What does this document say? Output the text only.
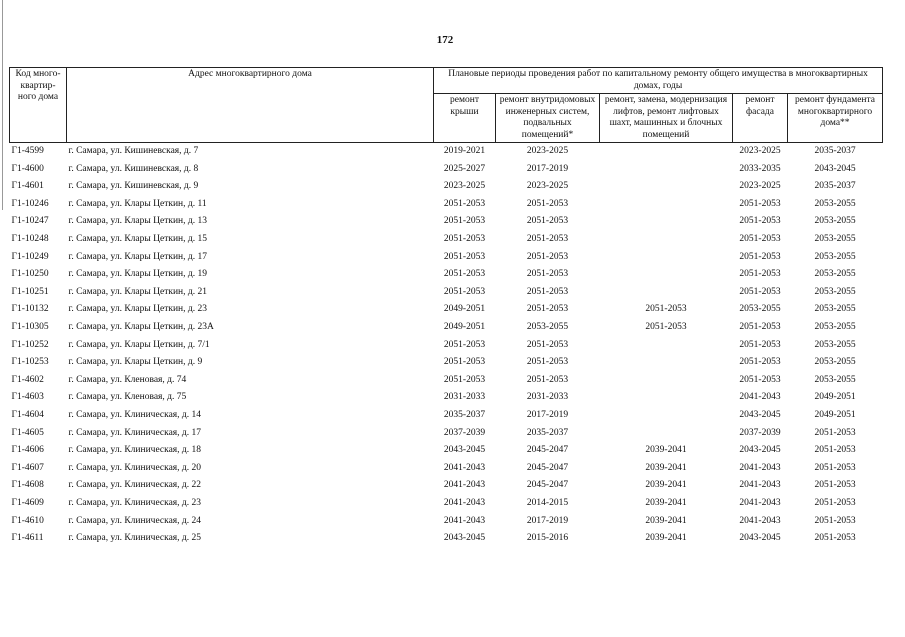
172
Код много-квартир-ного дома	Адрес многоквартирного дома	Плановые периоды проведения работ по капитальному ремонту общего имущества в многоквартирных домах, годы				
		ремонт крыши	ремонт внутридомовых инженерных систем, подвальных помещений*	ремонт, замена, модернизация лифтов, ремонт лифтовых шахт, машинных и блочных помещений	ремонт фасада	ремонт фундамента многоквартирного дома**
Г1-4599	г. Самара, ул. Кишиневская, д. 7	2019-2021	2023-2025		2023-2025	2035-2037
Г1-4600	г. Самара, ул. Кишиневская, д. 8	2025-2027	2017-2019		2033-2035	2043-2045
Г1-4601	г. Самара, ул. Кишиневская, д. 9	2023-2025	2023-2025		2023-2025	2035-2037
Г1-10246	г. Самара, ул. Клары Цеткин, д. 11	2051-2053	2051-2053		2051-2053	2053-2055
Г1-10247	г. Самара, ул. Клары Цеткин, д. 13	2051-2053	2051-2053		2051-2053	2053-2055
Г1-10248	г. Самара, ул. Клары Цеткин, д. 15	2051-2053	2051-2053		2051-2053	2053-2055
Г1-10249	г. Самара, ул. Клары Цеткин, д. 17	2051-2053	2051-2053		2051-2053	2053-2055
Г1-10250	г. Самара, ул. Клары Цеткин, д. 19	2051-2053	2051-2053		2051-2053	2053-2055
Г1-10251	г. Самара, ул. Клары Цеткин, д. 21	2051-2053	2051-2053		2051-2053	2053-2055
Г1-10132	г. Самара, ул. Клары Цеткин, д. 23	2049-2051	2051-2053	2051-2053	2053-2055	2053-2055
Г1-10305	г. Самара, ул. Клары Цеткин, д. 23А	2049-2051	2053-2055	2051-2053	2051-2053	2053-2055
Г1-10252	г. Самара, ул. Клары Цеткин, д. 7/1	2051-2053	2051-2053		2051-2053	2053-2055
Г1-10253	г. Самара, ул. Клары Цеткин, д. 9	2051-2053	2051-2053		2051-2053	2053-2055
Г1-4602	г. Самара, ул. Кленовая, д. 74	2051-2053	2051-2053		2051-2053	2053-2055
Г1-4603	г. Самара, ул. Кленовая, д. 75	2031-2033	2031-2033		2041-2043	2049-2051
Г1-4604	г. Самара, ул. Клиническая, д. 14	2035-2037	2017-2019		2043-2045	2049-2051
Г1-4605	г. Самара, ул. Клиническая, д. 17	2037-2039	2035-2037		2037-2039	2051-2053
Г1-4606	г. Самара, ул. Клиническая, д. 18	2043-2045	2045-2047	2039-2041	2043-2045	2051-2053
Г1-4607	г. Самара, ул. Клиническая, д. 20	2041-2043	2045-2047	2039-2041	2041-2043	2051-2053
Г1-4608	г. Самара, ул. Клиническая, д. 22	2041-2043	2045-2047	2039-2041	2041-2043	2051-2053
Г1-4609	г. Самара, ул. Клиническая, д. 23	2041-2043	2014-2015	2039-2041	2041-2043	2051-2053
Г1-4610	г. Самара, ул. Клиническая, д. 24	2041-2043	2017-2019	2039-2041	2041-2043	2051-2053
Г1-4611	г. Самара, ул. Клиническая, д. 25	2043-2045	2015-2016	2039-2041	2043-2045	2051-2053
